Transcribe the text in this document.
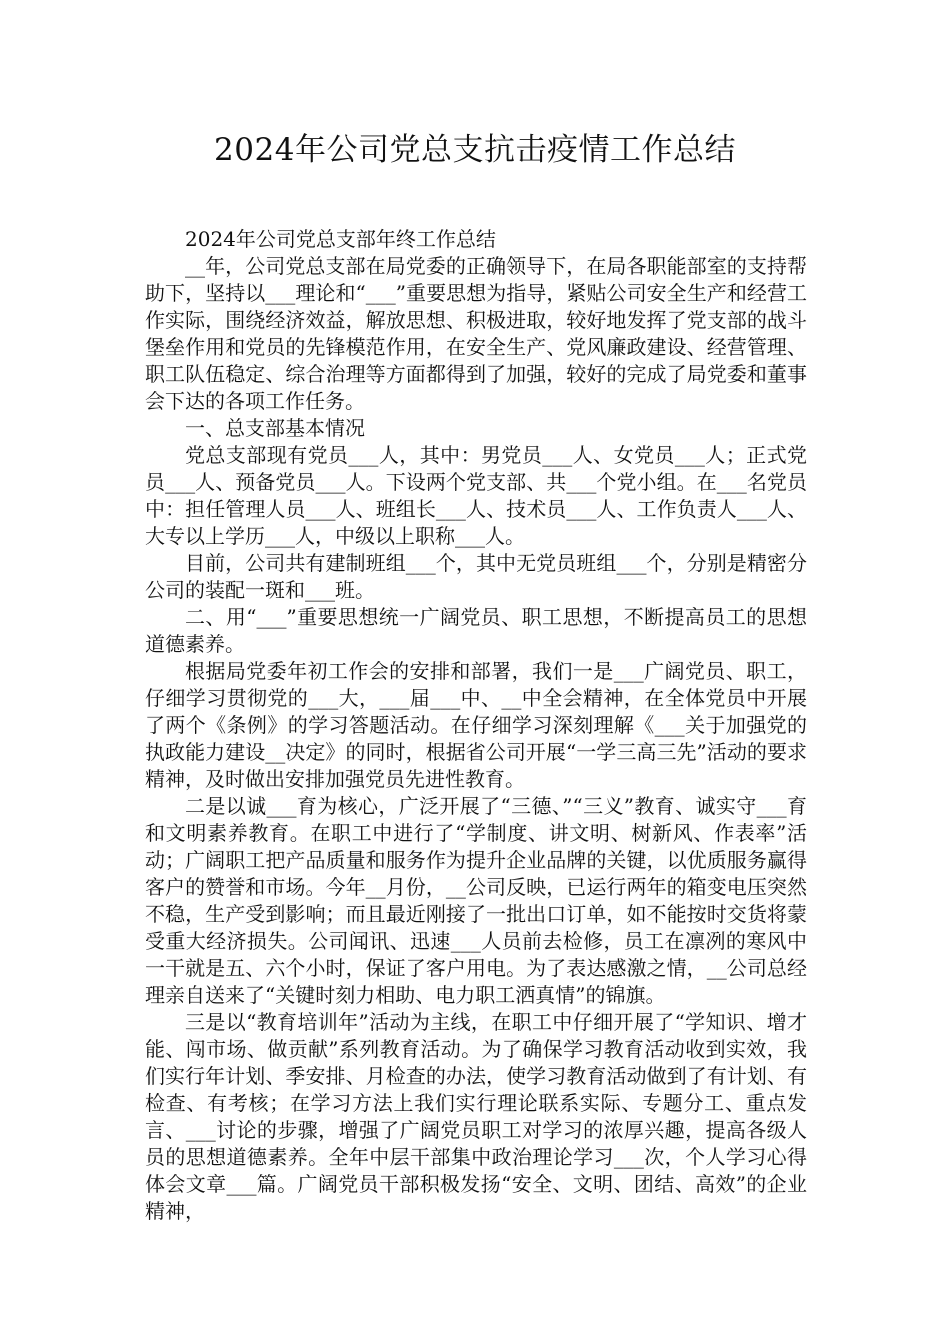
2024年公司党总支抗击疫情工作总结

2024年公司党总支部年终工作总结

__年，公司党总支部在局党委的正确领导下，在局各职能部室的支持帮助下，坚持以___理论和“___”重要思想为指导，紧贴公司安全生产和经营工作实际，围绕经济效益，解放思想、积极进取，较好地发挥了党支部的战斗堡垒作用和党员的先锋模范作用，在安全生产、党风廉政建设、经营管理、职工队伍稳定、综合治理等方面都得到了加强，较好的完成了局党委和董事会下达的各项工作任务。

一、总支部基本情况

党总支部现有党员___人，其中：男党员___人、女党员___人；正式党员___人、预备党员___人。下设两个党支部、共___个党小组。在___名党员中：担任管理人员___人、班组长___人、技术员___人、工作负责人___人、大专以上学历___人，中级以上职称___人。

目前，公司共有建制班组___个，其中无党员班组___个，分别是精密分公司的装配一斑和___班。

二、用“___”重要思想统一广阔党员、职工思想，不断提高员工的思想道德素养。

根据局党委年初工作会的安排和部署，我们一是___广阔党员、职工，仔细学习贯彻党的___大，___届___中、__中全会精神，在全体党员中开展了两个《条例》的学习答题活动。在仔细学习深刻理解《___关于加强党的执政能力建设__决定》的同时，根据省公司开展“一学三高三先”活动的要求精神，及时做出安排加强党员先进性教育。

二是以诚___育为核心，广泛开展了“三德、”“三义”教育、诚实守___育和文明素养教育。在职工中进行了“学制度、讲文明、树新风、作表率”活动；广阔职工把产品质量和服务作为提升企业品牌的关键，以优质服务赢得客户的赞誉和市场。今年__月份，__公司反映，已运行两年的箱变电压突然不稳，生产受到影响；而且最近刚接了一批出口订单，如不能按时交货将蒙受重大经济损失。公司闻讯、迅速___人员前去检修，员工在凛冽的寒风中一干就是五、六个小时，保证了客户用电。为了表达感激之情，__公司总经理亲自送来了“关键时刻力相助、电力职工洒真情”的锦旗。

三是以“教育培训年”活动为主线，在职工中仔细开展了“学知识、增才能、闯市场、做贡献”系列教育活动。为了确保学习教育活动收到实效，我们实行年计划、季安排、月检查的办法，使学习教育活动做到了有计划、有检查、有考核；在学习方法上我们实行理论联系实际、专题分工、重点发言、___讨论的步骤，增强了广阔党员职工对学习的浓厚兴趣，提高各级人员的思想道德素养。全年中层干部集中政治理论学习___次，个人学习心得体会文章___篇。广阔党员干部积极发扬“安全、文明、团结、高效”的企业精神，
